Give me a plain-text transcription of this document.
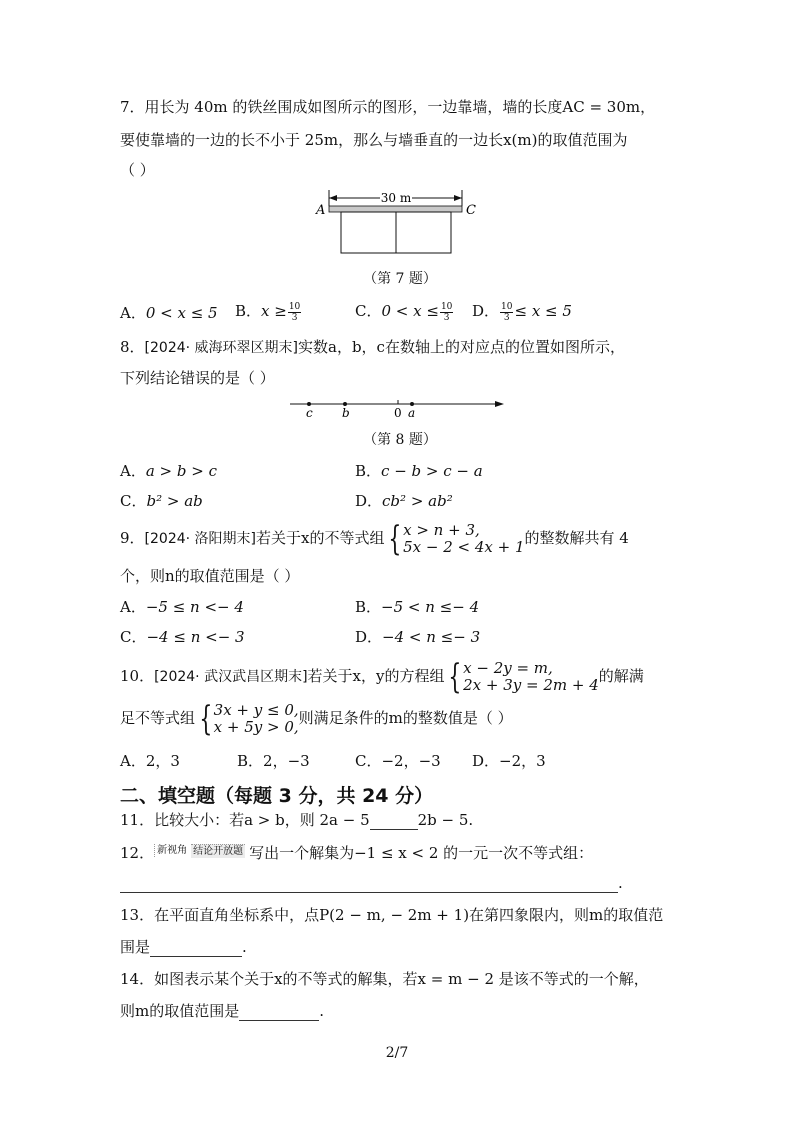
7．用长为 40m 的铁丝围成如图所示的图形，一边靠墙，墙的长度AC = 30m，
要使靠墙的一边的长不小于 25m，那么与墙垂直的一边长x(m)的取值范围为
（ ）
30 m
A	C
（第 7 题）
A．0 < x ≤ 5 B．$x \ge \frac{10}{3}$	C．$0 < x \le \frac{10}{3}$ D． $\frac{10}{3} \le x \le 5$
8．[2024· 威海环翠区期末]实数a，b，c在数轴上的对应点的位置如图所示，
下列结论错误的是（ ）
c b	0 a
（第 8 题）
A．a > b > c	B．c − b > c − a
C．b² > ab	D．cb² > ab²
9．[2024· 洛阳期末]若关于x的不等式组 { x > n + 3,
5x − 2 < 4x + 1 的整数解共有 4
个，则n的取值范围是（ ）
A．−5 ≤ n <− 4	B．−5 < n ≤− 4
C．−4 ≤ n <− 3	D．−4 < n ≤− 3
10．[2024· 武汉武昌区期末]若关于x，y的方程组 { x − 2y = m,
2x + 3y = 2m + 4 的解满
足不等式组 { 3x + y ≤ 0,
x + 5y > 0, 则满足条件的m的整数值是（ ）
A．2，3	B．2，−3	C．−2，−3 D．−2，3
二、填空题（每题 3 分，共 24 分）
11．比较大小：若a > b，则 2a − 5	2b − 5.
12． 新视角 结论开放题 写出一个解集为−1 ≤ x < 2 的一元一次不等式组：
.
13．在平面直角坐标系中，点P(2 − m, − 2m + 1)在第四象限内，则m的取值范
围是	.
14．如图表示某个关于x的不等式的解集，若x = m − 2 是该不等式的一个解，
则m的取值范围是	.
2/7
